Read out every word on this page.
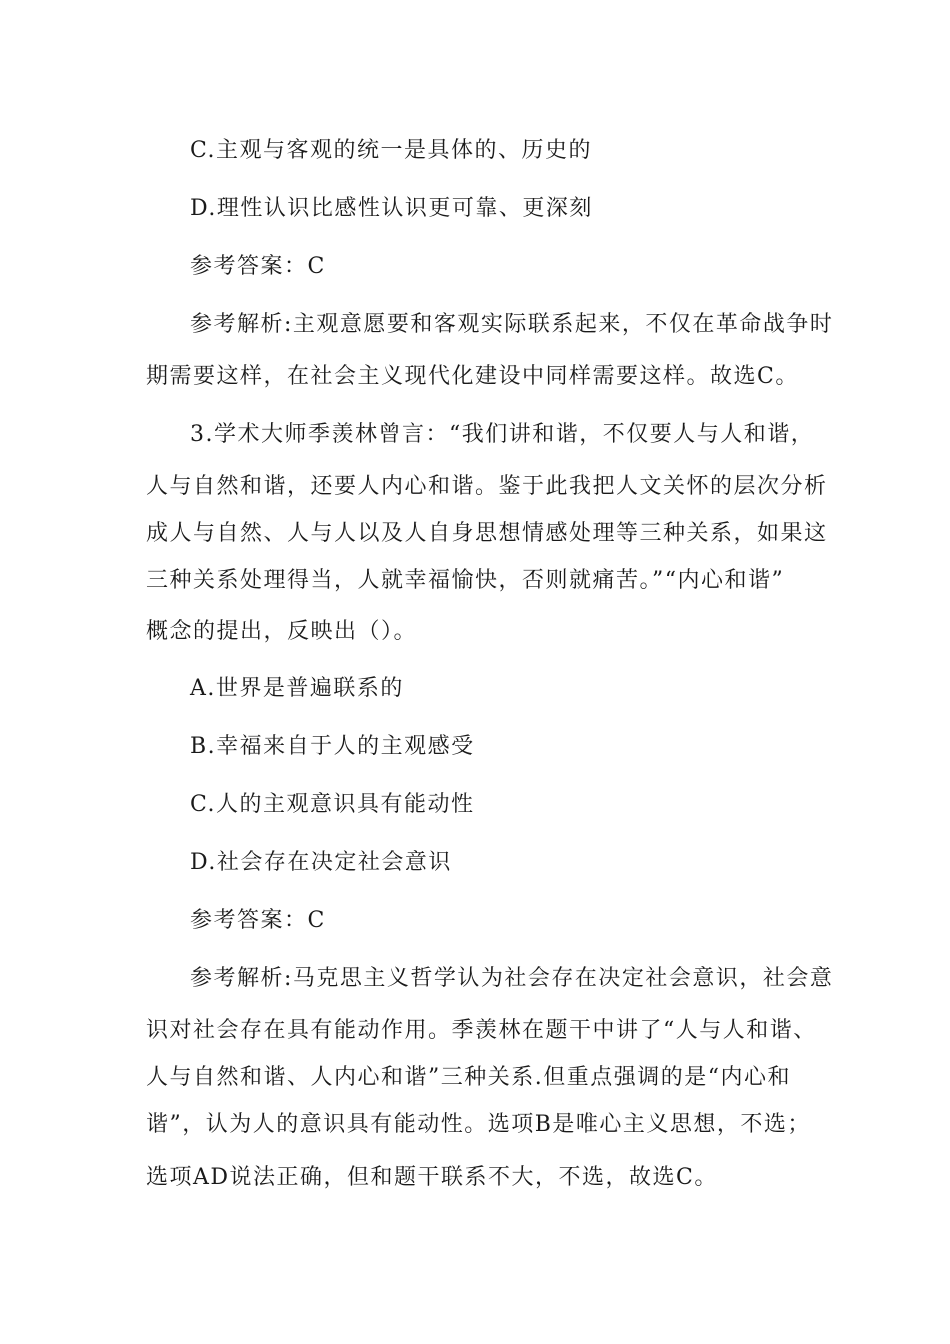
C.主观与客观的统一是具体的、历史的
D.理性认识比感性认识更可靠、更深刻
参考答案：C
参考解析:主观意愿要和客观实际联系起来，不仅在革命战争时
期需要这样，在社会主义现代化建设中同样需要这样。故选C。
3.学术大师季羡林曾言：“我们讲和谐，不仅要人与人和谐，
人与自然和谐，还要人内心和谐。鉴于此我把人文关怀的层次分析
成人与自然、人与人以及人自身思想情感处理等三种关系，如果这
三种关系处理得当，人就幸福愉快，否则就痛苦。”“内心和谐”
概念的提出，反映出（）。
A.世界是普遍联系的
B.幸福来自于人的主观感受
C.人的主观意识具有能动性
D.社会存在决定社会意识
参考答案：C
参考解析:马克思主义哲学认为社会存在决定社会意识，社会意
识对社会存在具有能动作用。季羡林在题干中讲了“人与人和谐、
人与自然和谐、人内心和谐”三种关系.但重点强调的是“内心和
谐”，认为人的意识具有能动性。选项B是唯心主义思想，不选；
选项AD说法正确，但和题干联系不大，不选，故选C。
